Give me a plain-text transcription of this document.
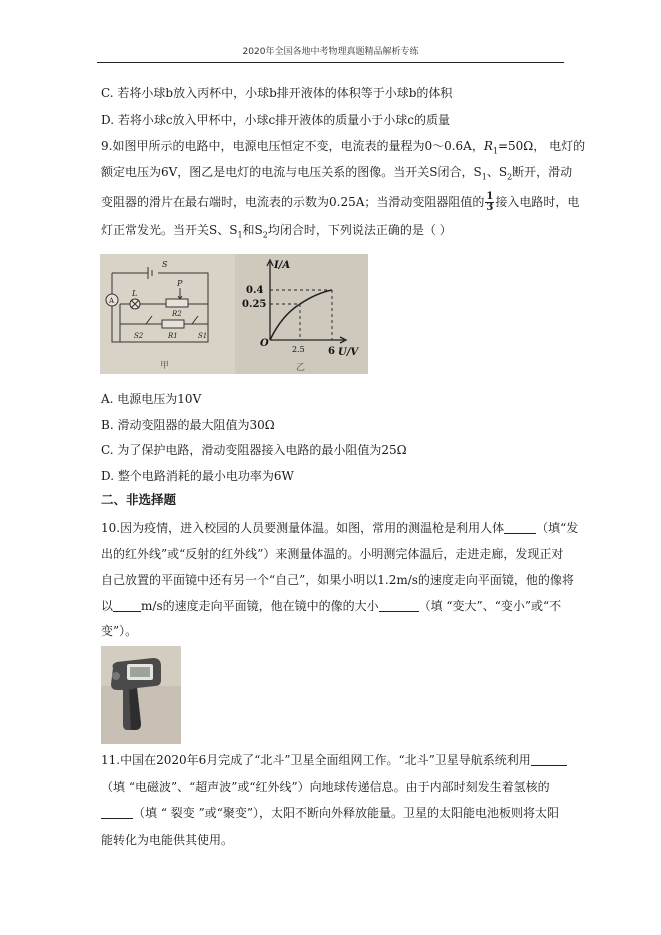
2020年全国各地中考物理真题精品解析专练
C. 若将小球b放入丙杯中，小球b排开液体的体积等于小球b的体积
D. 若将小球c放入甲杯中，小球c排开液体的质量小于小球c的质量
9.如图甲所示的电路中，电源电压恒定不变，电流表的量程为0～0.6A，$R_1=50\Omega$， 电灯的
额定电压为6V，图乙是电灯的电流与电压关系的图像。当开关S闭合，$S_1$、$S_2$断开，滑动
变阻器的滑片在最右端时，电流表的示数为0.25A；当滑动变阻器阻值的 $\frac{1}{3}$ 接入电路时，电
灯正常发光。当开关S、$S_1$和$S_2$均闭合时，下列说法正确的是（ ）
S
A
L
P
R2
R1
S2	S1
甲
I/A
0.4
0.25
O
2.5 6 U/V
乙
A. 电源电压为10V
B. 滑动变阻器的最大阻值为30Ω
C. 为了保护电路，滑动变阻器接入电路的最小阻值为25Ω
D. 整个电路消耗的最小电功率为6W
二、非选择题
10.因为疫情，进入校园的人员要测量体温。如图，常用的测温枪是利用人体	（填“发
出的红外线”或“反射的红外线”）来测量体温的。小明测完体温后，走进走廊，发现正对
自己放置的平面镜中还有另一个“自己”，如果小明以1.2m/s的速度走向平面镜，他的像将
以 m/s的速度走向平面镜，他在镜中的像的大小	（填 “变大”、“变小”或“不
变”）。
11.中国在2020年6月完成了“北斗”卫星全面组网工作。“北斗”卫星导航系统利用
（填 “电磁波”、“超声波”或“红外线”）向地球传递信息。由于内部时刻发生着氢核的
（填 “ 裂变 ”或“聚变”），太阳不断向外释放能量。卫星的太阳能电池板则将太阳
能转化为电能供其使用。
